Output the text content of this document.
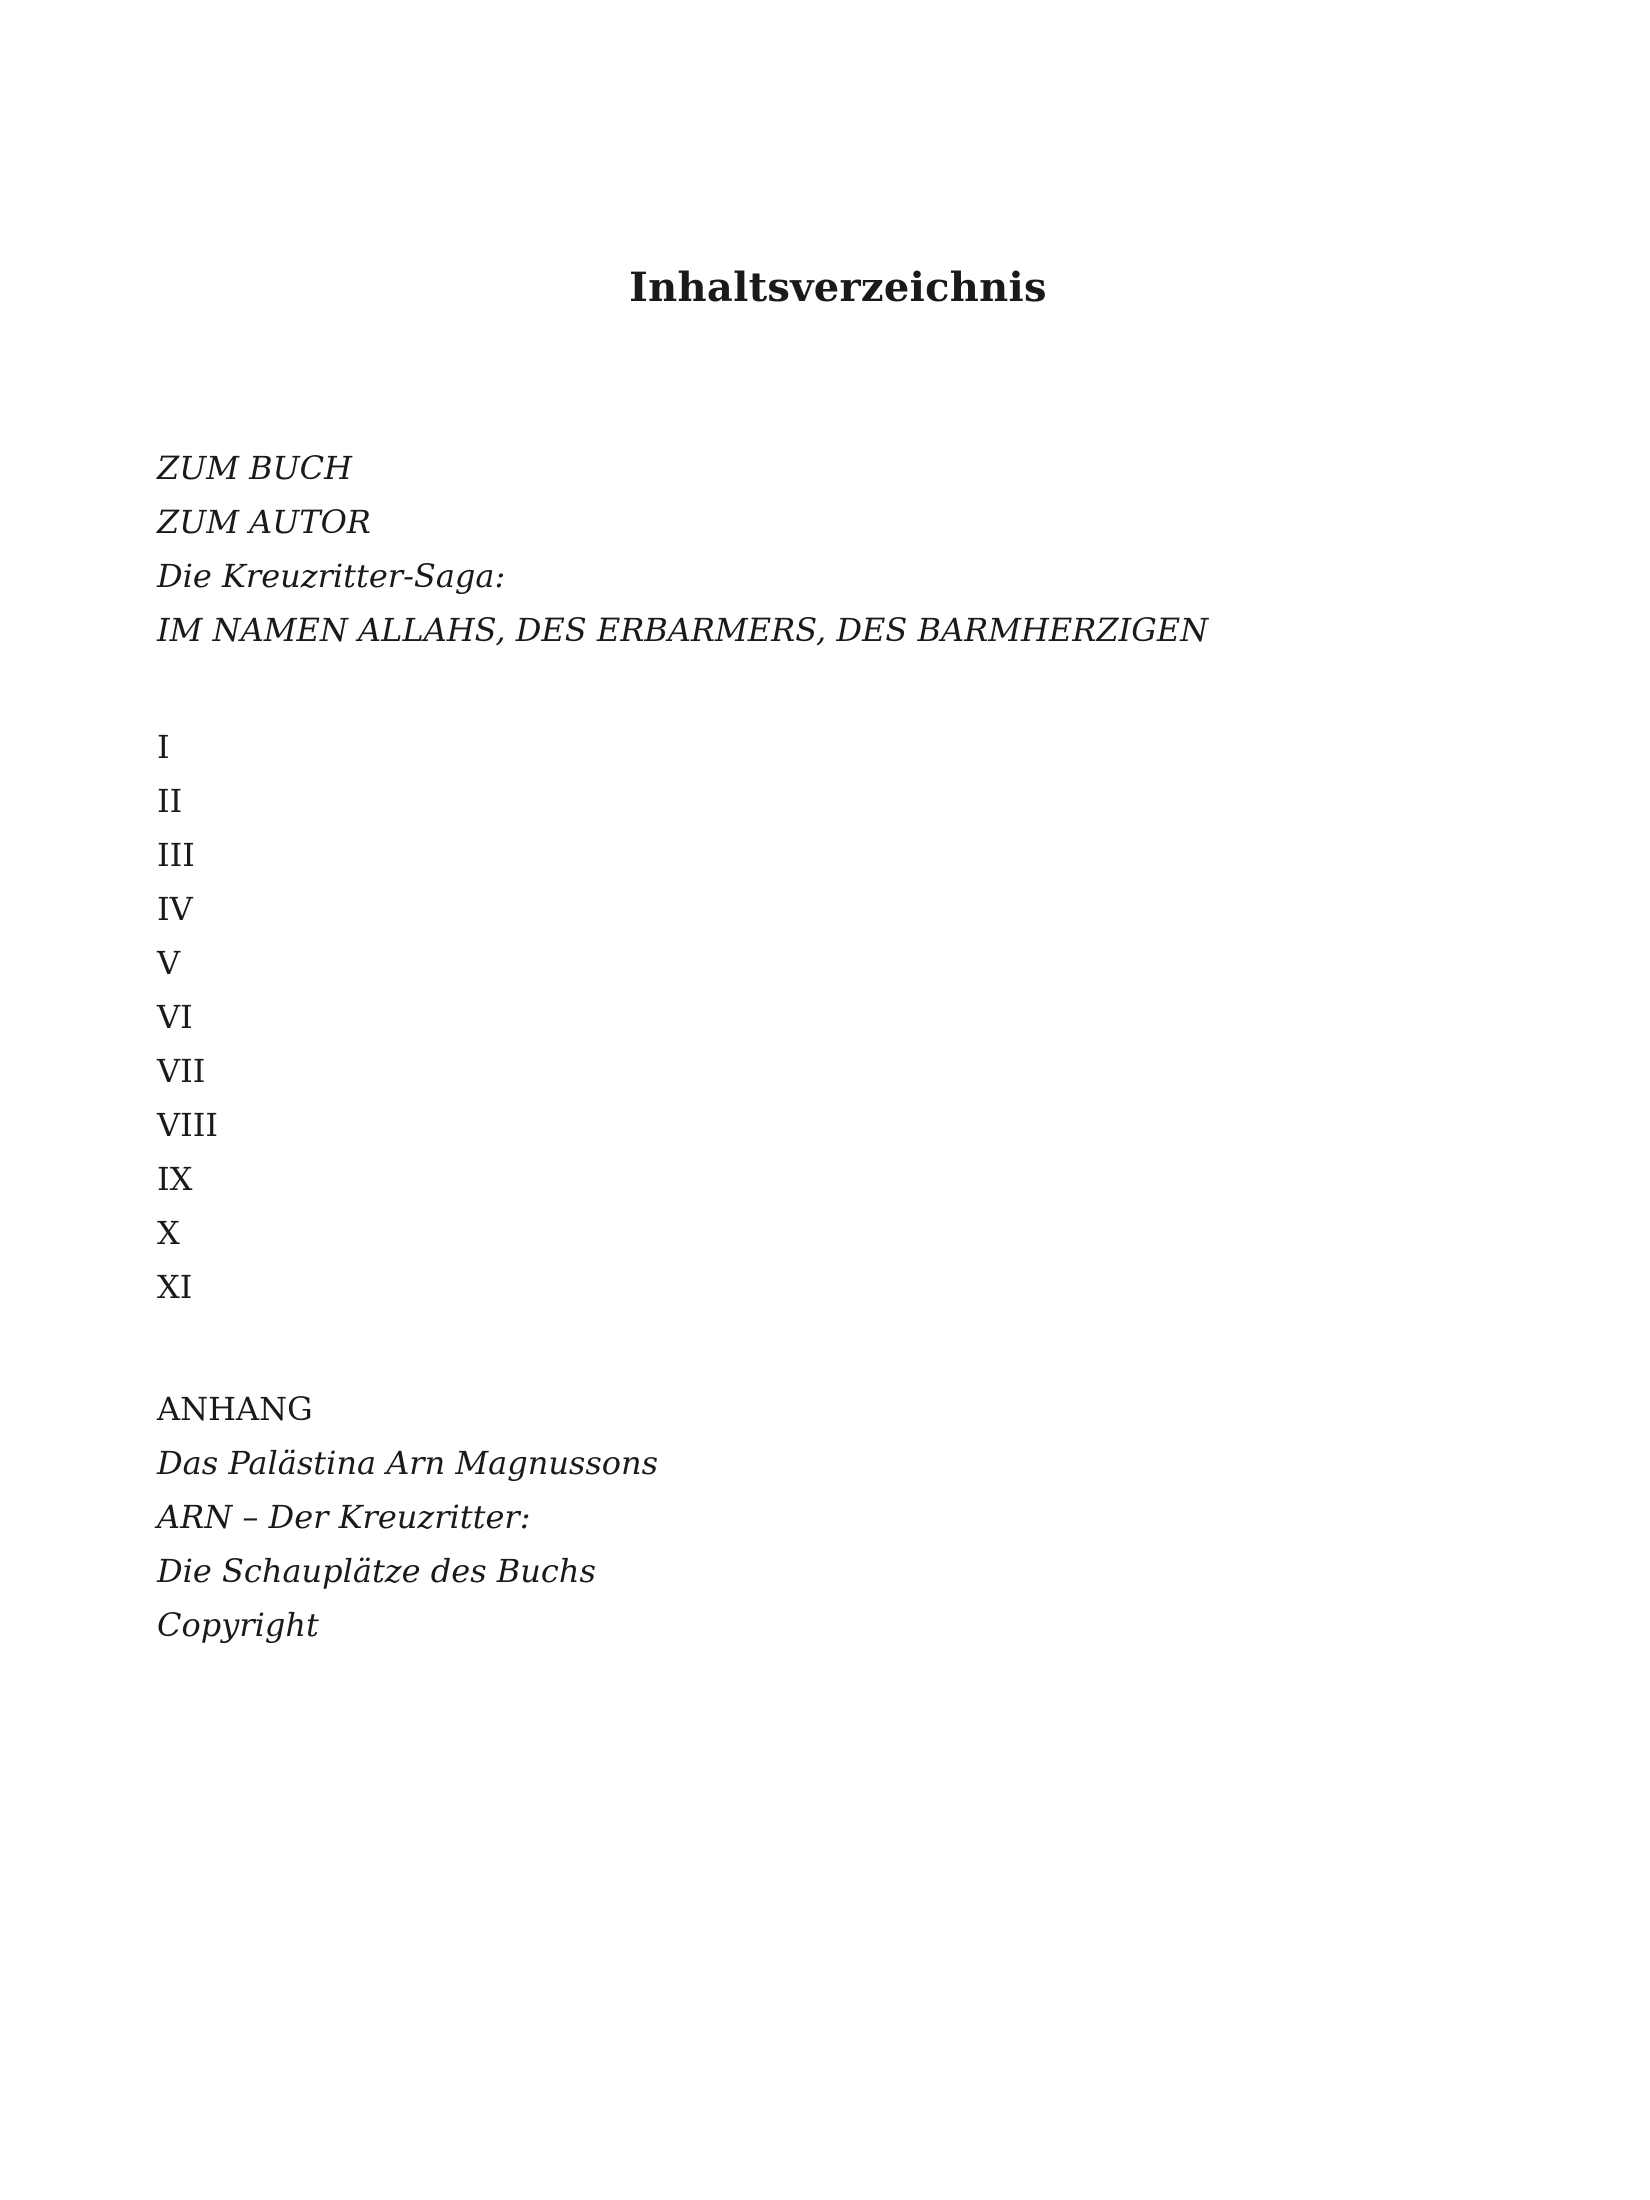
Inhaltsverzeichnis
ZUM BUCH
ZUM AUTOR
Die Kreuzritter-Saga:
IM NAMEN ALLAHS, DES ERBARMERS, DES BARMHERZIGEN
I
II
III
IV
V
VI
VII
VIII
IX
X
XI
ANHANG
Das Palästina Arn Magnussons
ARN – Der Kreuzritter:
Die Schauplätze des Buchs
Copyright
